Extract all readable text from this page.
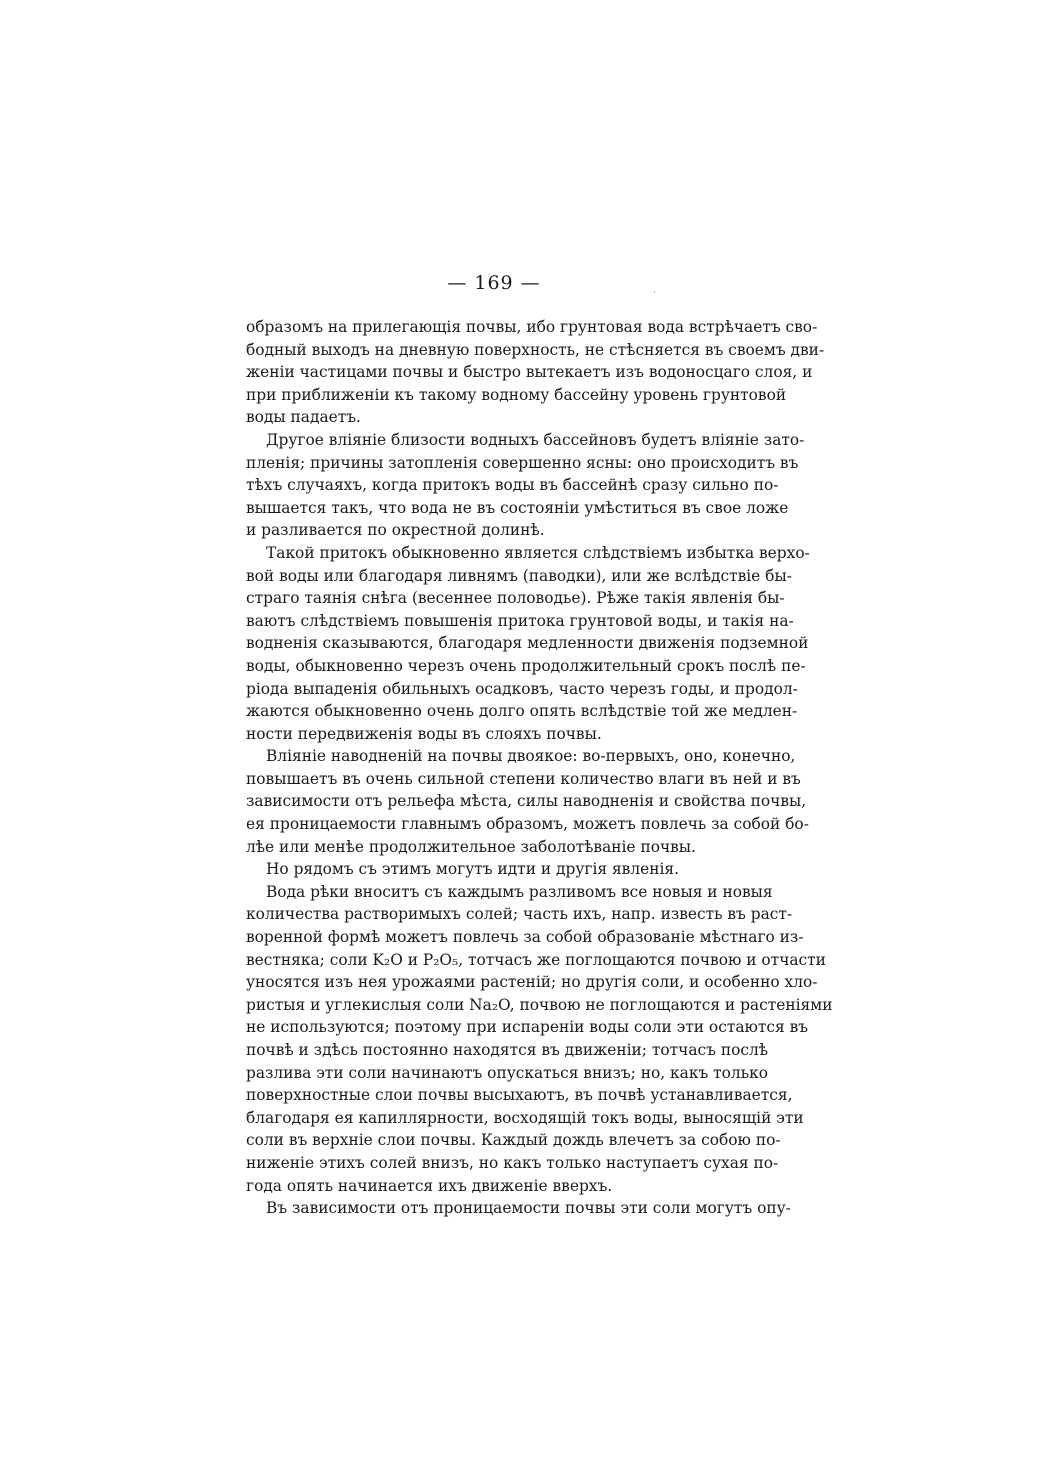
— 169 —	·
образомъ на прилегающія почвы, ибо грунтовая вода встрѣчаетъ сво-
бодный выходъ на дневную поверхность, не стѣсняется въ своемъ дви-
женіи частицами почвы и быстро вытекаетъ изъ водоносцаго слоя, и
при приближеніи къ такому водному бассейну уровень грунтовой
воды падаетъ.
Другое вліяніе близости водныхъ бассейновъ будетъ вліяніе зато-
пленія; причины затопленія совершенно ясны: оно происходитъ въ
тѣхъ случаяхъ, когда притокъ воды въ бассейнѣ сразу сильно по-
вышается такъ, что вода не въ состояніи умѣститься въ свое ложе
и разливается по окрестной долинѣ.
Такой притокъ обыкновенно является слѣдствіемъ избытка верхо-
вой воды или благодаря ливнямъ (паводки), или же вслѣдствіе бы-
страго таянія снѣга (весеннее половодье). Рѣже такія явленія бы-
ваютъ слѣдствіемъ повышенія притока грунтовой воды, и такія на-
водненія сказываются, благодаря медленности движенія подземной
воды, обыкновенно черезъ очень продолжительный срокъ послѣ пе-
ріода выпаденія обильныхъ осадковъ, часто черезъ годы, и продол-
жаются обыкновенно очень долго опять вслѣдствіе той же медлен-
ности передвиженія воды въ слояхъ почвы.
Вліяніе наводненій на почвы двоякое: во-первыхъ, оно, конечно,
повышаетъ въ очень сильной степени количество влаги въ ней и въ
зависимости отъ рельефа мѣста, силы наводненія и свойства почвы,
ея проницаемости главнымъ образомъ, можетъ повлечь за собой бо-
лѣе или менѣе продолжительное заболотѣваніе почвы.
Но рядомъ съ этимъ могутъ идти и другія явленія.
Вода рѣки вноситъ съ каждымъ разливомъ все новыя и новыя
количества растворимыхъ солей; часть ихъ, напр. известь въ раст-
воренной формѣ можетъ повлечь за собой образованіе мѣстнаго из-
вестняка; соли K₂O и P₂O₅, тотчасъ же поглощаются почвою и отчасти
уносятся изъ нея урожаями растеній; но другія соли, и особенно хло-
ристыя и углекислыя соли Na₂O, почвою не поглощаются и растеніями
не используются; поэтому при испареніи воды соли эти остаются въ
почвѣ и здѣсь постоянно находятся въ движеніи; тотчасъ послѣ
разлива эти соли начинаютъ опускаться внизъ; но, какъ только
поверхностные слои почвы высыхаютъ, въ почвѣ устанавливается,
благодаря ея капиллярности, восходящій токъ воды, выносящій эти
соли въ верхніе слои почвы. Каждый дождь влечетъ за собою по-
ниженіе этихъ солей внизъ, но какъ только наступаетъ сухая по-
года опять начинается ихъ движеніе вверхъ.
Въ зависимости отъ проницаемости почвы эти соли могутъ опу-
